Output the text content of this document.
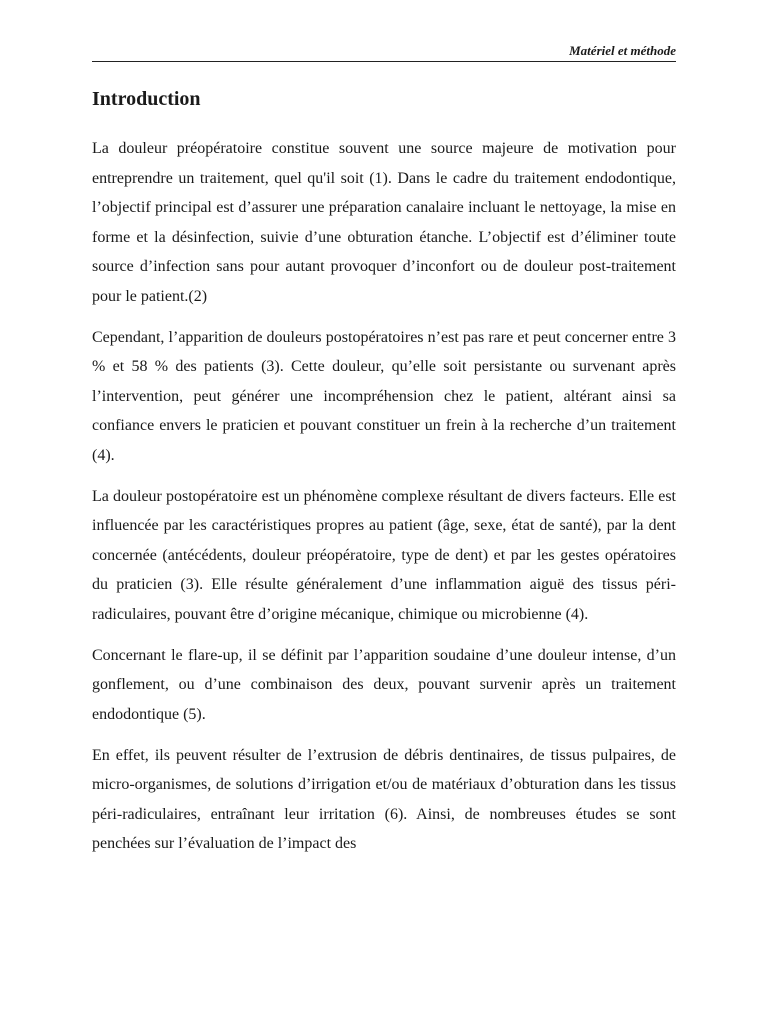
Matériel et méthode
Introduction

La douleur préopératoire constitue souvent une source majeure de motivation pour entreprendre un traitement, quel qu'il soit (1). Dans le cadre du traitement endodontique, l’objectif principal est d’assurer une préparation canalaire incluant le nettoyage, la mise en forme et la désinfection, suivie d’une obturation étanche. L’objectif est d’éliminer toute source d’infection sans pour autant provoquer d’inconfort ou de douleur post-traitement pour le patient.(2)

Cependant, l’apparition de douleurs postopératoires n’est pas rare et peut concerner entre 3 % et 58 % des patients (3). Cette douleur, qu’elle soit persistante ou survenant après l’intervention, peut générer une incompréhension chez le patient, altérant ainsi sa confiance envers le praticien et pouvant constituer un frein à la recherche d’un traitement (4).

La douleur postopératoire est un phénomène complexe résultant de divers facteurs. Elle est influencée par les caractéristiques propres au patient (âge, sexe, état de santé), par la dent concernée (antécédents, douleur préopératoire, type de dent) et par les gestes opératoires du praticien (3). Elle résulte généralement d’une inflammation aiguë des tissus péri-radiculaires, pouvant être d’origine mécanique, chimique ou microbienne (4).

Concernant le flare-up, il se définit par l’apparition soudaine d’une douleur intense, d’un gonflement, ou d’une combinaison des deux, pouvant survenir après un traitement endodontique (5).

En effet, ils peuvent résulter de l’extrusion de débris dentinaires, de tissus pulpaires, de micro-organismes, de solutions d’irrigation et/ou de matériaux d’obturation dans les tissus péri-radiculaires, entraînant leur irritation (6). Ainsi, de nombreuses études se sont penchées sur l’évaluation de l’impact des
